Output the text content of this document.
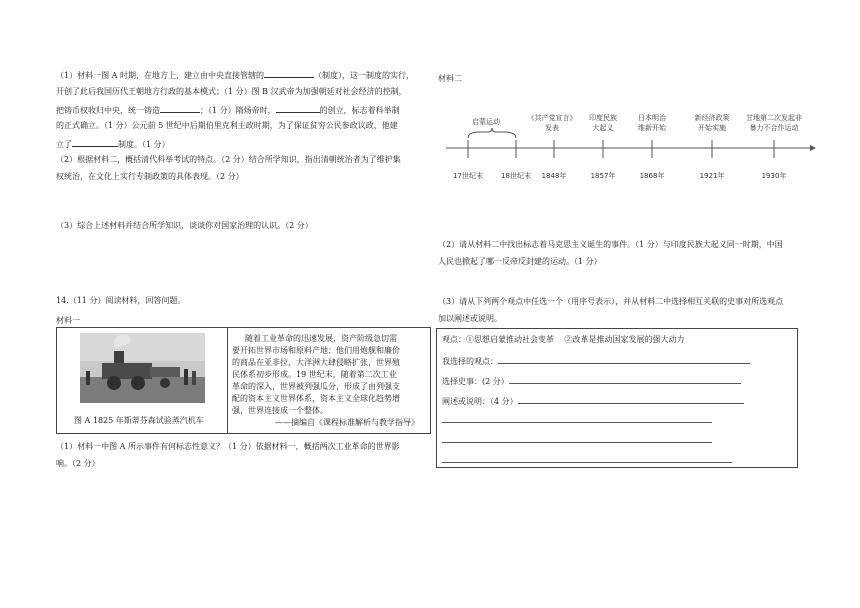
（1）材料一图 A 时期，在地方上，建立由中央直接管辖的	（制度），这一制度的实行，
开创了此后我国历代王朝地方行政的基本模式；（1 分）图 B 汉武帝为加强朝廷对社会经济的控制，
把铸币权收归中央，统一铸造	；（1 分）隋炀帝时，	的创立，标志着科举制
的正式确立。（1 分）公元前 5 世纪中后期伯里克利主政时期，为了保证贫穷公民参政议政，他建
立了	制度。（1 分）
（2）根据材料二，概括清代科举考试的特点。（2 分）结合所学知识，指出清朝统治者为了维护集
权统治，在文化上实行专制政策的具体表现。（2 分）
（3）综合上述材料并结合所学知识，谈谈你对国家治理的认识。（2 分）
14.（11 分）阅读材料，回答问题。
材料一
图 A 1825 年斯蒂芬森试验蒸汽机车
随着工业革命的迅速发展，资产阶级急切需
要开拓世界市场和原料产地；他们用炮舰和廉价
的商品在亚非拉、大洋洲大肆侵略扩张，世界殖
民体系初步形成。19 世纪末，随着第二次工业
革命的深入，世界被列强瓜分，形成了由列强支
配的资本主义世界体系，资本主义全球化趋势增
强，世界连接成一个整体。
——摘编自《课程标准解析与教学指导》
（1）材料一中图 A 所示事件有何标志性意义？（1 分）依据材料一，概括两次工业革命的世界影
响。（2 分）
材料二
启蒙运动	《共产党宣言》发表
印度民族大起义
日本明治维新开始
新经济政策开始实施
甘地第二次发起非暴力不合作运动
17世纪末	18世纪末 1848年	1857年	1868年	1921年	1930年
（2）请从材料二中找出标志着马克思主义诞生的事件。（1 分）与印度民族大起义同一时期，中国
人民也掀起了哪一反帝反封建的运动。（1 分）
（3）请从下列两个观点中任选一个（用序号表示），并从材料二中选择相互关联的史事对所选观点
加以阐述或说明。
观点：①思想启蒙推动社会变革　 ②改革是推动国家发展的强大动力
我选择的观点：
选择史事：(2 分）
阐述或说明：（4 分）
